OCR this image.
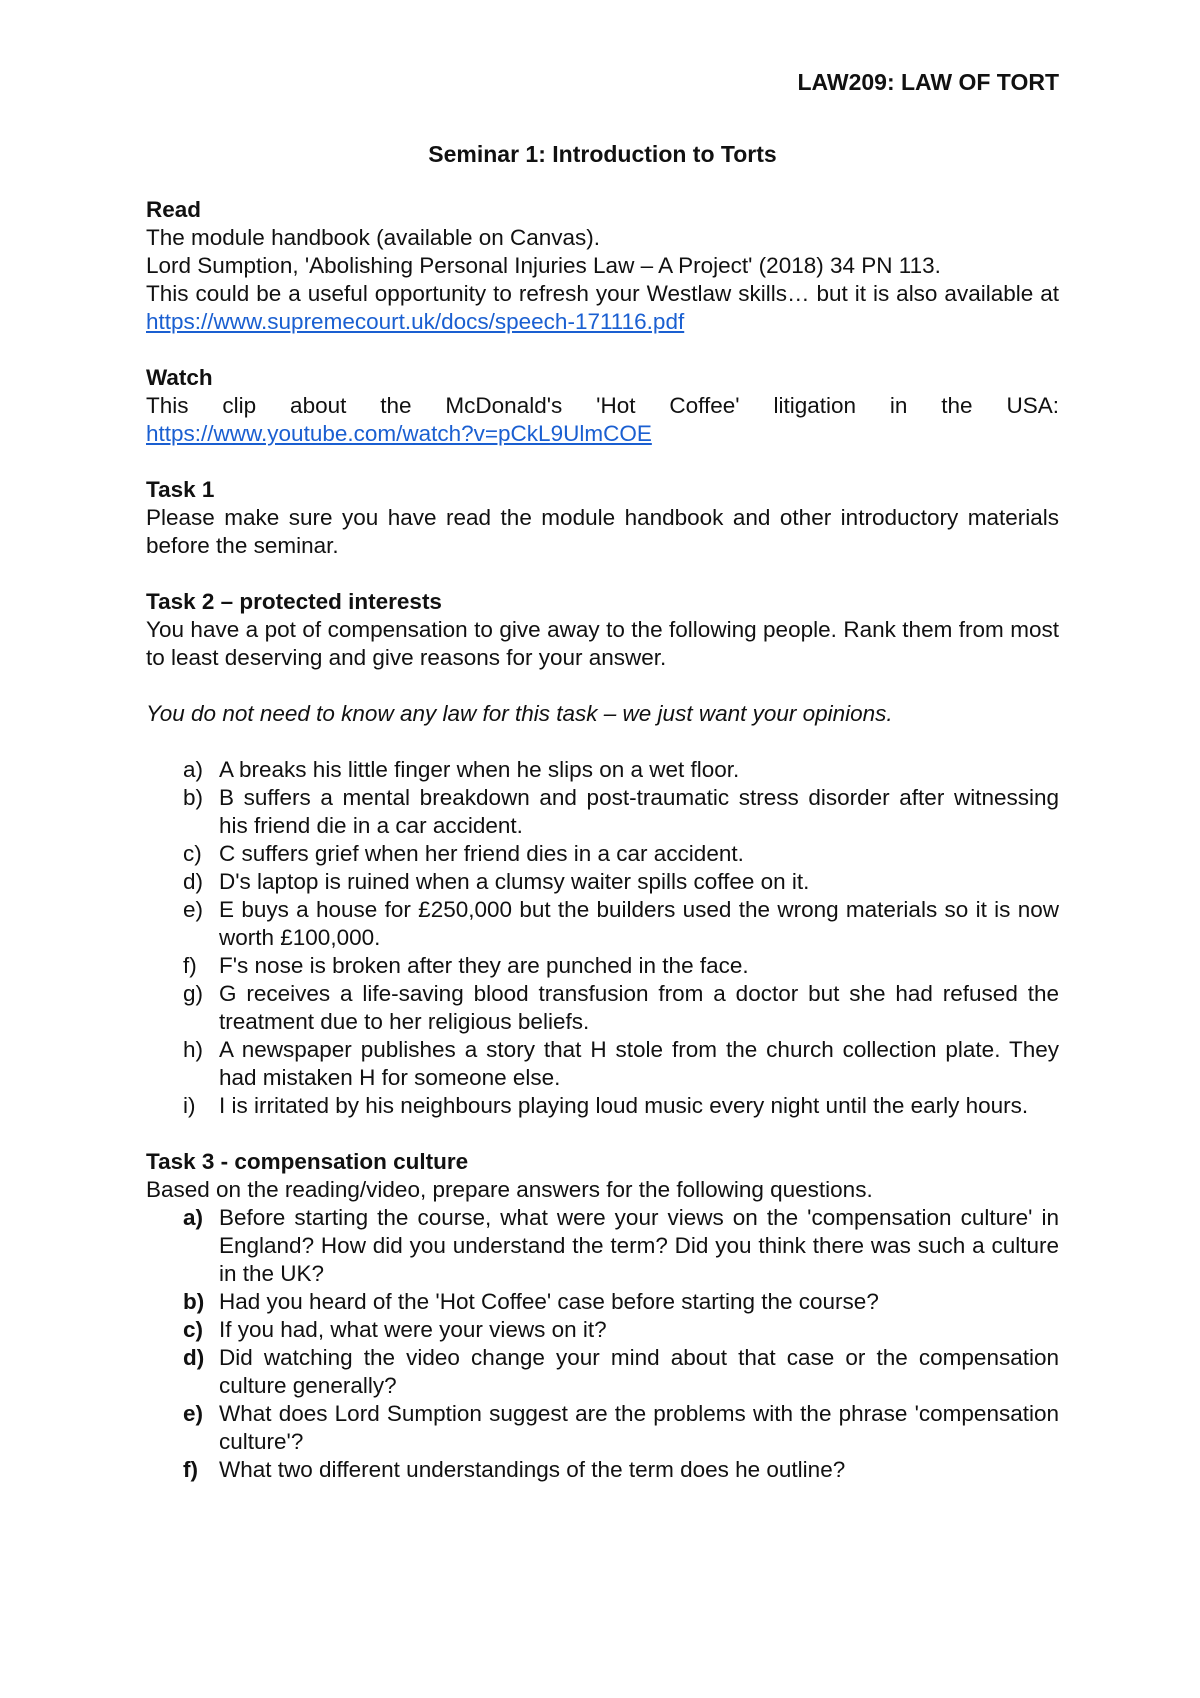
LAW209: LAW OF TORT

Seminar 1: Introduction to Torts

Read

The module handbook (available on Canvas).

Lord Sumption, 'Abolishing Personal Injuries Law – A Project' (2018) 34 PN 113.

This could be a useful opportunity to refresh your Westlaw skills… but it is also available at https://www.supremecourt.uk/docs/speech-171116.pdf

Watch

This clip about the McDonald's 'Hot Coffee' litigation in the USA:

https://www.youtube.com/watch?v=pCkL9UlmCOE

Task 1

Please make sure you have read the module handbook and other introductory materials before the seminar.

Task 2 – protected interests

You have a pot of compensation to give away to the following people. Rank them from most to least deserving and give reasons for your answer.

You do not need to know any law for this task – we just want your opinions.

a) A breaks his little finger when he slips on a wet floor.
b) B suffers a mental breakdown and post-traumatic stress disorder after witnessing his friend die in a car accident.
c) C suffers grief when her friend dies in a car accident.
d) D's laptop is ruined when a clumsy waiter spills coffee on it.
e) E buys a house for £250,000 but the builders used the wrong materials so it is now worth £100,000.
f) F's nose is broken after they are punched in the face.
g) G receives a life-saving blood transfusion from a doctor but she had refused the treatment due to her religious beliefs.
h) A newspaper publishes a story that H stole from the church collection plate. They had mistaken H for someone else.
i) I is irritated by his neighbours playing loud music every night until the early hours.

Task 3 - compensation culture

Based on the reading/video, prepare answers for the following questions.

a) Before starting the course, what were your views on the 'compensation culture' in England? How did you understand the term? Did you think there was such a culture in the UK?
b) Had you heard of the 'Hot Coffee' case before starting the course?
c) If you had, what were your views on it?
d) Did watching the video change your mind about that case or the compensation culture generally?
e) What does Lord Sumption suggest are the problems with the phrase 'compensation culture'?
f) What two different understandings of the term does he outline?
